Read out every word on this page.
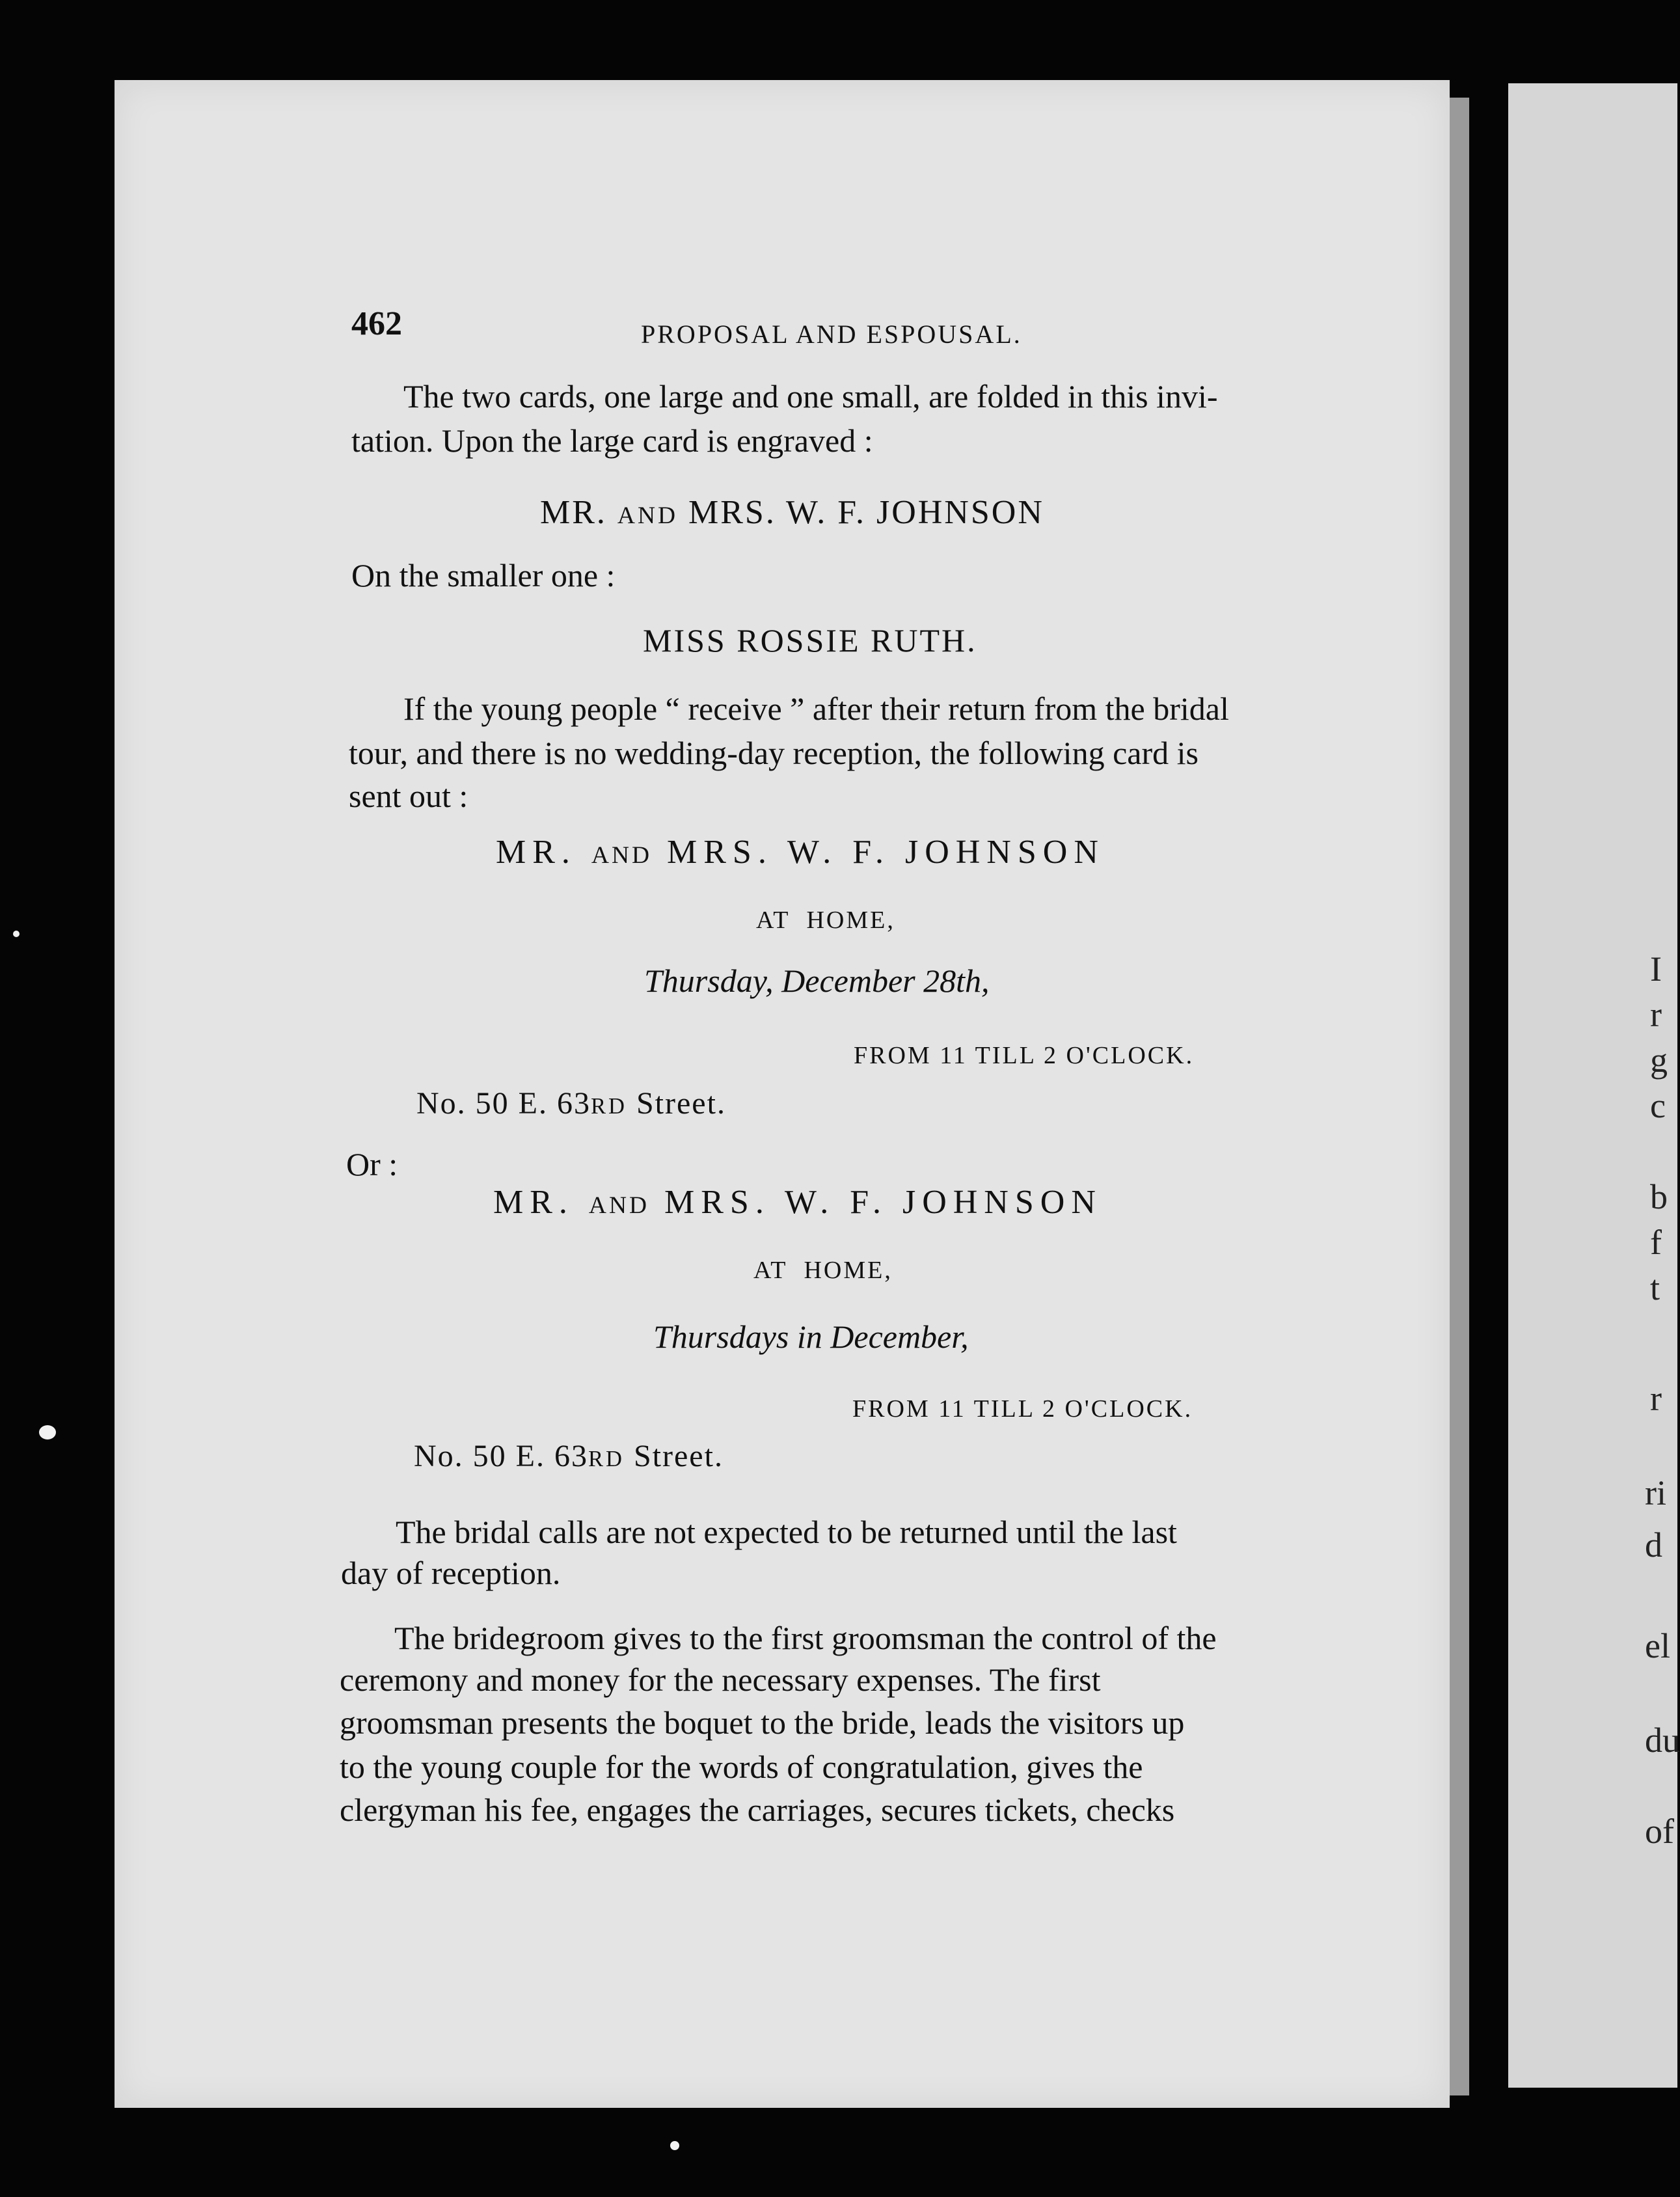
I
r
g
c
b
f
t
r
ri
d
el
du
of
462	PROPOSAL AND ESPOUSAL.
The two cards, one large and one small, are folded in this invi-
tation. Upon the large card is engraved :
MR. AND MRS. W. F. JOHNSON
On the smaller one :
MISS ROSSIE RUTH.
If the young people “ receive ” after their return from the bridal
tour, and there is no wedding-day reception, the following card is
sent out :
MR. AND MRS. W. F. JOHNSON
AT HOME,
Thursday, December 28th,
FROM 11 TILL 2 O'CLOCK.
No. 50 E. 63RD Street.
Or :
MR. AND MRS. W. F. JOHNSON
AT HOME,
Thursdays in December,
FROM 11 TILL 2 O'CLOCK.
No. 50 E. 63RD Street.
The bridal calls are not expected to be returned until the last
day of reception.
The bridegroom gives to the first groomsman the control of the
ceremony and money for the necessary expenses. The first
groomsman presents the boquet to the bride, leads the visitors up
to the young couple for the words of congratulation, gives the
clergyman his fee, engages the carriages, secures tickets, checks
